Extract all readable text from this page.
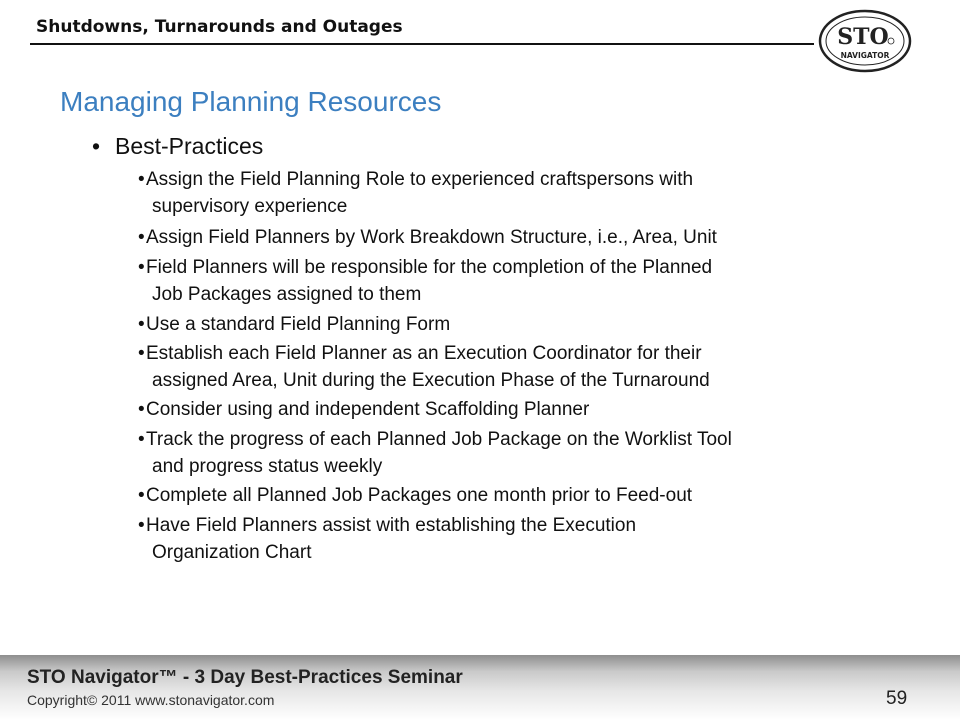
Shutdowns, Turnarounds and Outages	STO
NAVIGATOR
Managing Planning Resources
• Best-Practices
• Assign the Field Planning Role to experienced craftspersons with
supervisory experience
• Assign Field Planners by Work Breakdown Structure, i.e., Area, Unit
• Field Planners will be responsible for the completion of the Planned
Job Packages assigned to them
• Use a standard Field Planning Form
• Establish each Field Planner as an Execution Coordinator for their
assigned Area, Unit during the Execution Phase of the Turnaround
• Consider using and independent Scaffolding Planner
• Track the progress of each Planned Job Package on the Worklist Tool
and progress status weekly
• Complete all Planned Job Packages one month prior to Feed-out
• Have Field Planners assist with establishing the Execution
Organization Chart
STO Navigator™ - 3 Day Best-Practices Seminar
Copyright© 2011 www.stonavigator.com	59
